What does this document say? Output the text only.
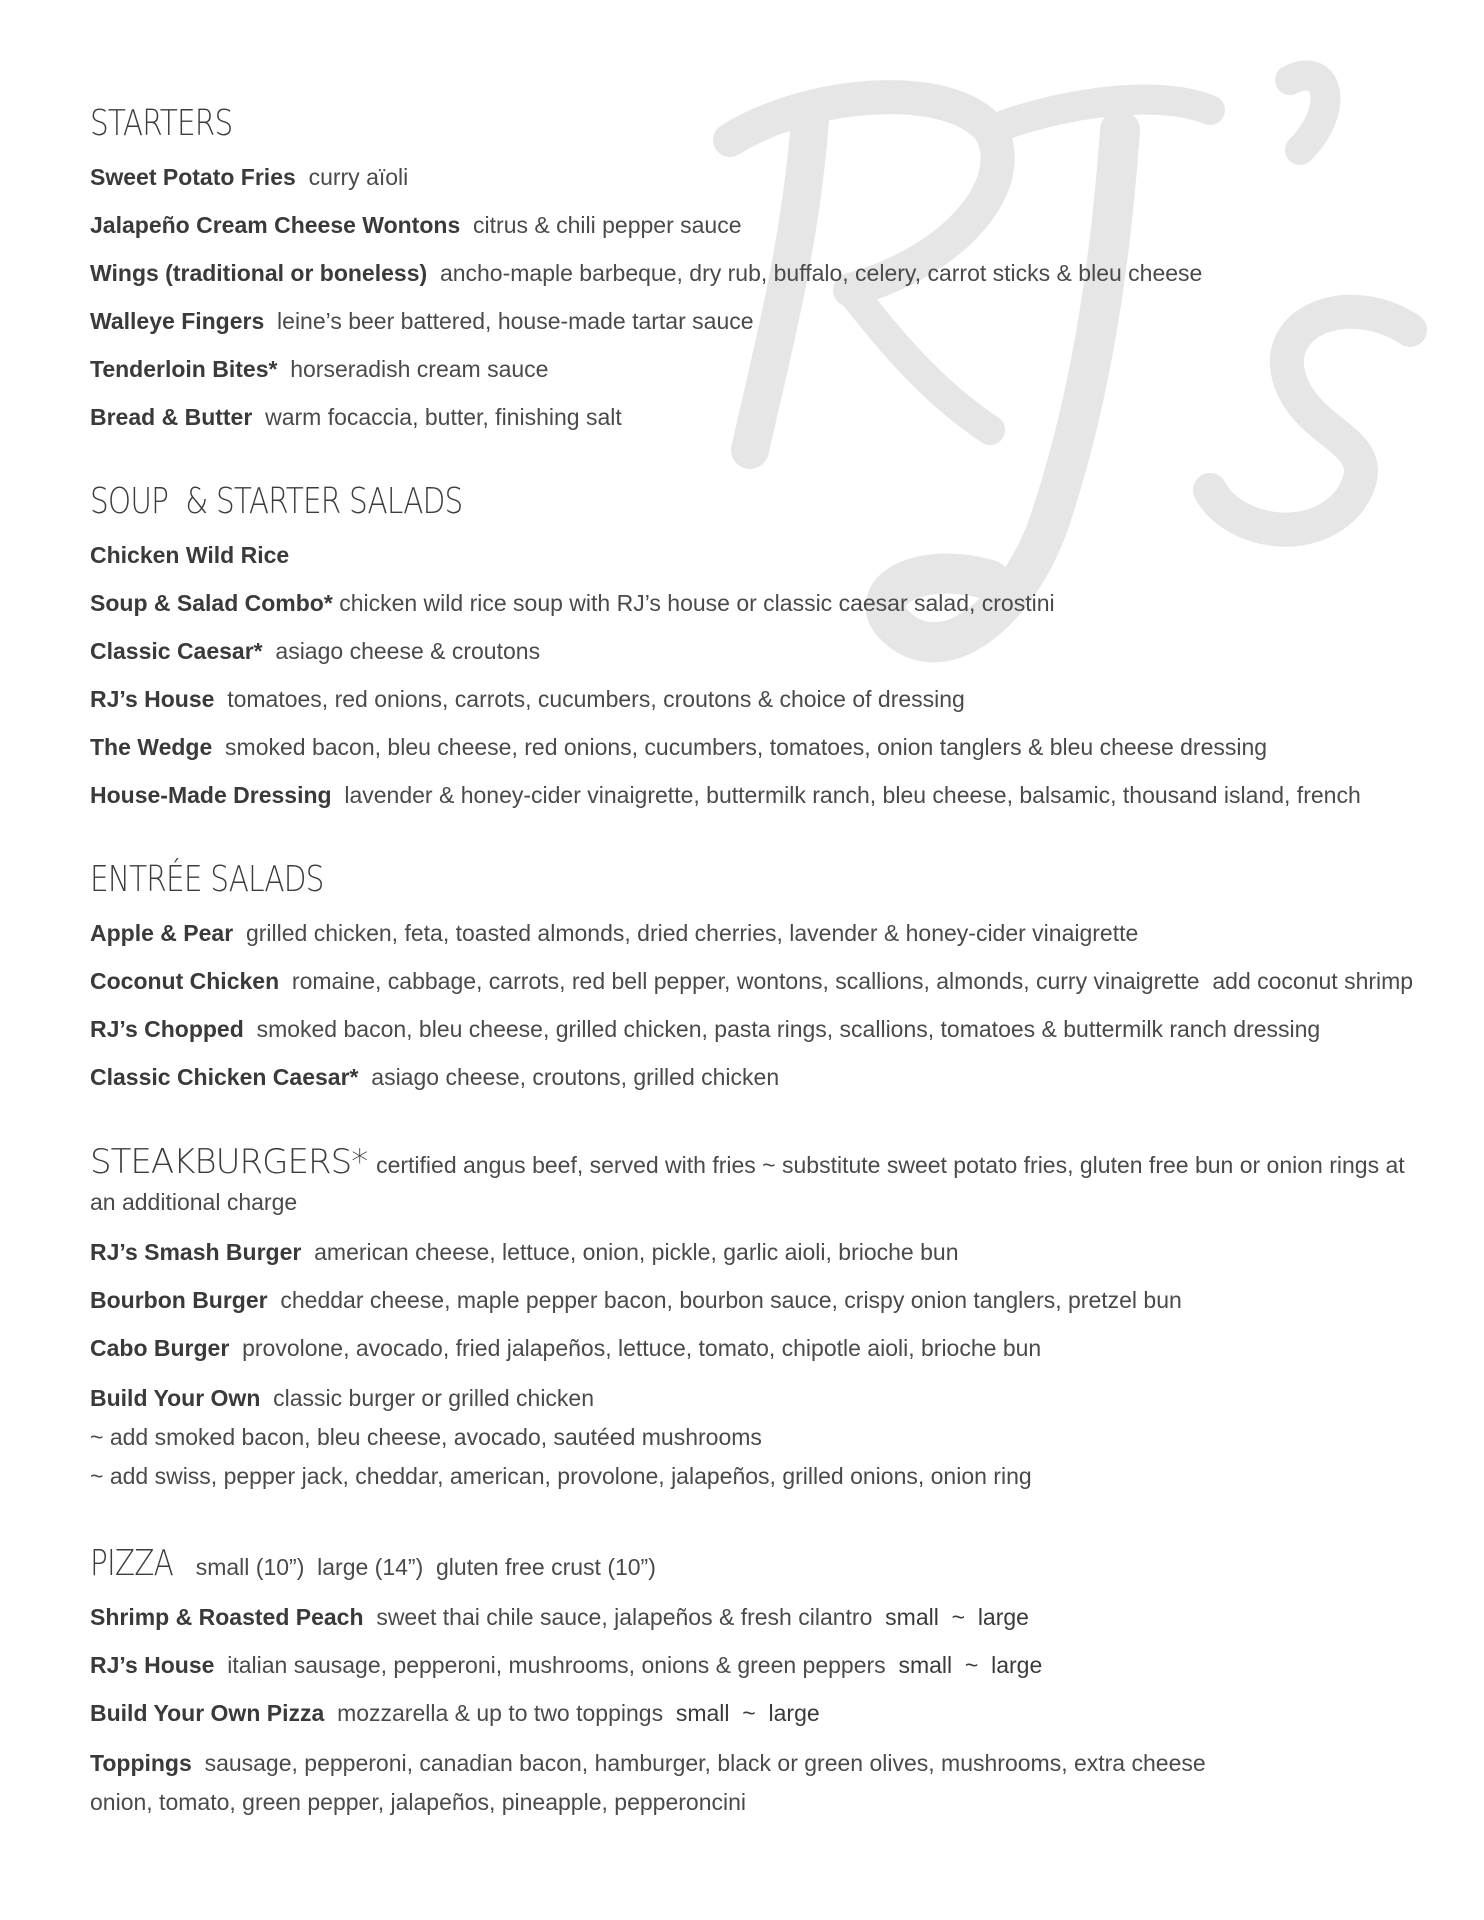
STARTERS

Sweet Potato Fries curry aïoli

Jalapeño Cream Cheese Wontons citrus & chili pepper sauce

Wings (traditional or boneless) ancho-maple barbeque, dry rub, buffalo, celery, carrot sticks & bleu cheese

Walleye Fingers leine’s beer battered, house-made tartar sauce

Tenderloin Bites* horseradish cream sauce

Bread & Butter warm focaccia, butter, finishing salt

SOUP  & STARTER SALADS

Chicken Wild Rice

Soup & Salad Combo* chicken wild rice soup with RJ’s house or classic caesar salad, crostini

Classic Caesar* asiago cheese & croutons

RJ’s House tomatoes, red onions, carrots, cucumbers, croutons & choice of dressing

The Wedge smoked bacon, bleu cheese, red onions, cucumbers, tomatoes, onion tanglers & bleu cheese dressing

House-Made Dressing lavender & honey-cider vinaigrette, buttermilk ranch, bleu cheese, balsamic, thousand island, french

ENTRÉE SALADS

Apple & Pear grilled chicken, feta, toasted almonds, dried cherries, lavender & honey-cider vinaigrette

Coconut Chicken romaine, cabbage, carrots, red bell pepper, wontons, scallions, almonds, curry vinaigrette  add coconut shrimp

RJ’s Chopped smoked bacon, bleu cheese, grilled chicken, pasta rings, scallions, tomatoes & buttermilk ranch dressing

Classic Chicken Caesar* asiago cheese, croutons, grilled chicken

STEAKBURGERS* certified angus beef, served with fries ~ substitute sweet potato fries, gluten free bun or onion rings at an additional charge

RJ’s Smash Burger american cheese, lettuce, onion, pickle, garlic aioli, brioche bun

Bourbon Burger cheddar cheese, maple pepper bacon, bourbon sauce, crispy onion tanglers, pretzel bun

Cabo Burger provolone, avocado, fried jalapeños, lettuce, tomato, chipotle aioli, brioche bun

Build Your Own classic burger or grilled chicken
~ add smoked bacon, bleu cheese, avocado, sautéed mushrooms
~ add swiss, pepper jack, cheddar, american, provolone, jalapeños, grilled onions, onion ring

PIZZA small (10”)  large (14”)  gluten free crust (10”)

Shrimp & Roasted Peach sweet thai chile sauce, jalapeños & fresh cilantro small  ~  large

RJ’s House italian sausage, pepperoni, mushrooms, onions & green peppers small  ~  large

Build Your Own Pizza mozzarella & up to two toppings small  ~  large

Toppings sausage, pepperoni, canadian bacon, hamburger, black or green olives, mushrooms, extra cheese
onion, tomato, green pepper, jalapeños, pineapple, pepperoncini
